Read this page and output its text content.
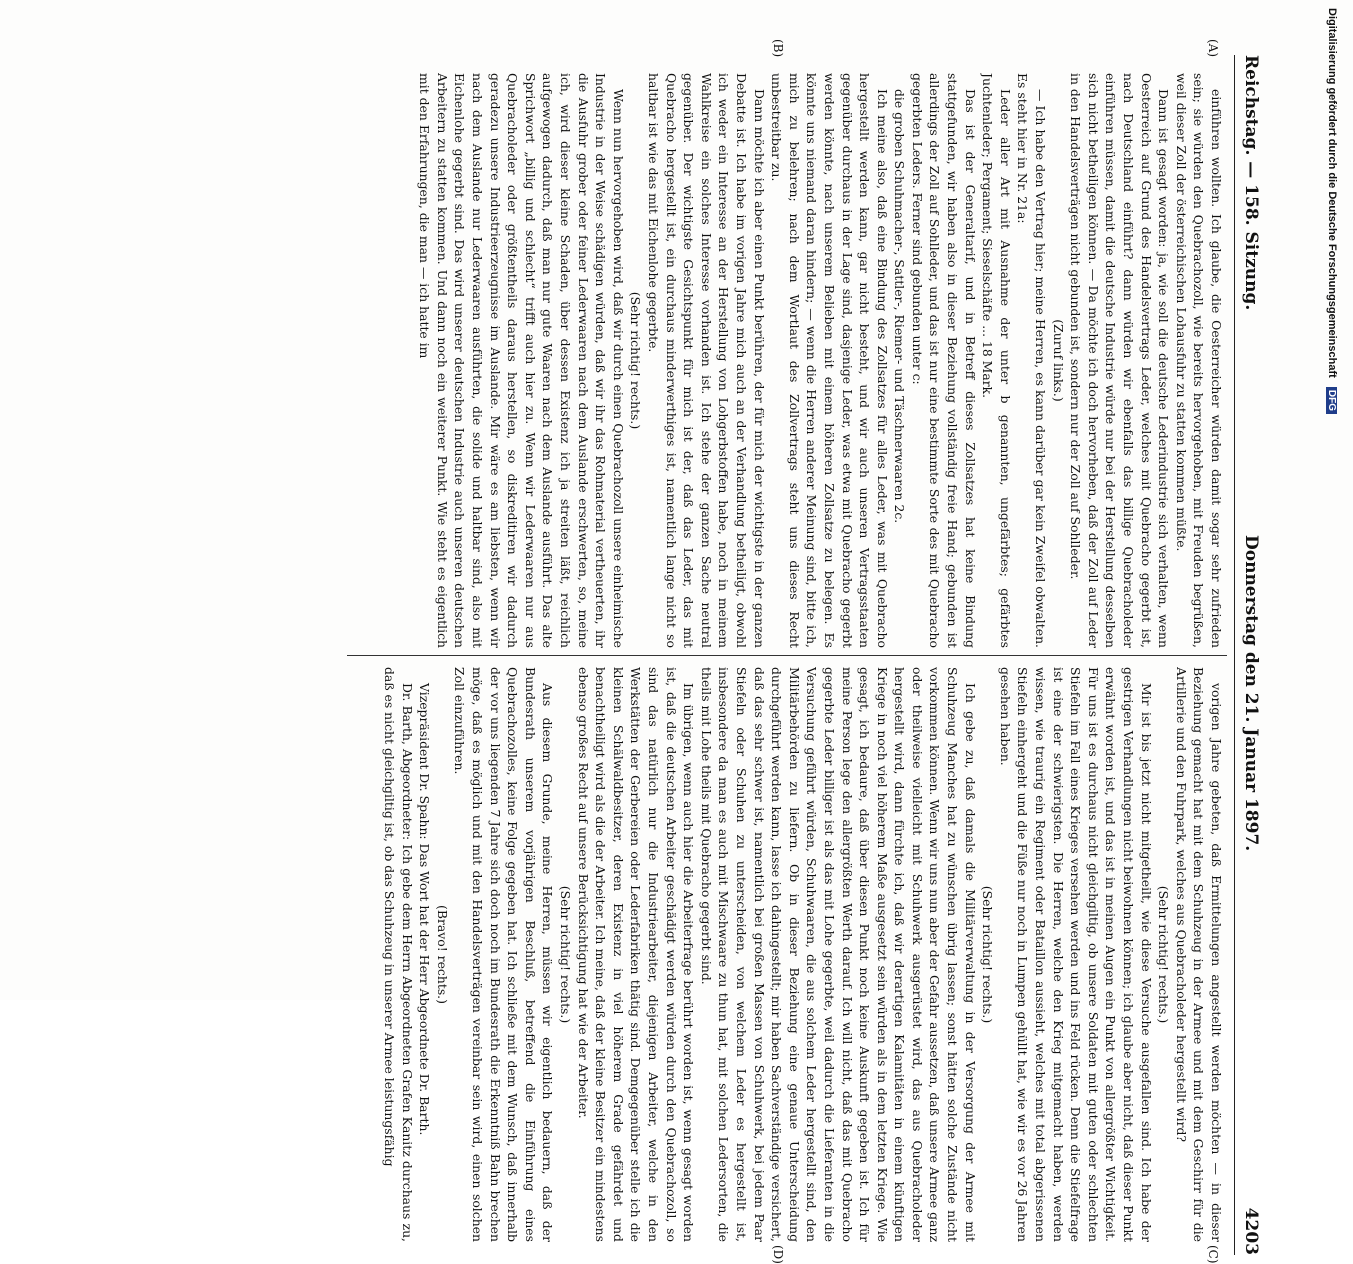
Reichstag. — 158. Sitzung.
Donnerstag den 21. Januar 1897.
4203
(A)
(B)
(C)
(D)

einführen wollten. Ich glaube, die Oesterreicher würden damit sogar sehr zufrieden sein; sie würden den Quebrachozoll, wie bereits hervorgehoben, mit Freuden begrüßen, weil dieser Zoll der österreichischen Lohausfuhr zu statten kommen müßte.

Dann ist gesagt worden: ja, wie soll die deutsche Lederindustrie sich verhalten, wenn Oesterreich auf Grund des Handelsvertrags Leder, welches mit Quebracho gegerbt ist, nach Deutschland einführt? dann würden wir ebenfalls das billige Quebracholeder einführen müssen, damit die deutsche Industrie würde nur bei der Herstellung desselben sich nicht betheiligen können. — Da möchte ich doch hervorheben, daß der Zoll auf Leder in den Handelsverträgen nicht gebunden ist, sondern nur der Zoll auf Sohlleder.

(Zuruf links.)

— Ich habe den Vertrag hier; meine Herren, es kann darüber gar kein Zweifel obwalten. Es steht hier in Nr. 21a:

Leder aller Art mit Ausnahme der unter b genannten, ungefärbtes; gefärbtes Juchtenleder; Pergament; Sieselschäfte ... 18 Mark.

Das ist der Generaltarif, und in Betreff dieses Zollsatzes hat keine Bindung stattgefunden, wir haben also in dieser Beziehung vollständig freie Hand; gebunden ist allerdings der Zoll auf Sohlleder, und das ist nur eine bestimmte Sorte des mit Quebracho gegerbten Leders. Ferner sind gebunden unter c:

die groben Schuhmacher-, Sattler-, Riemer- und Täschnerwaaren 2c.

Ich meine also, daß eine Bindung des Zollsatzes für alles Leder, was mit Quebracho hergestellt werden kann, gar nicht besteht, und wir auch unseren Vertragsstaaten gegenüber durchaus in der Lage sind, dasjenige Leder, was etwa mit Quebracho gegerbt werden könnte, nach unserem Belieben mit einem höheren Zollsatze zu belegen. Es könnte uns niemand daran hindern; — wenn die Herren anderer Meinung sind, bitte ich, mich zu belehren; nach dem Wortlaut des Zollvertrags steht uns dieses Recht unbestreitbar zu.

Dann möchte ich aber einen Punkt berühren, der für mich der wichtigste in der ganzen Debatte ist. Ich habe im vorigen Jahre mich auch an der Verhandlung betheiligt, obwohl ich weder ein Interesse an der Herstellung von Lohgerbstoffen habe, noch in meinem Wahlkreise ein solches Interesse vorhanden ist. Ich stehe der ganzen Sache neutral gegenüber. Der wichtigste Gesichtspunkt für mich ist der, daß das Leder, das mit Quebracho hergestellt ist, ein durchaus minderwerthiges ist, namentlich lange nicht so haltbar ist wie das mit Eichenlohe gegerbte.

(Sehr richtig! rechts.)

Wenn nun hervorgehoben wird, daß wir durch einen Quebrachozoll unsere einheimische Industrie in der Weise schädigen würden, daß wir ihr das Rohmaterial vertheuerten, ihr die Ausfuhr grober oder feiner Lederwaaren nach dem Auslande erschwerten, so, meine ich, wird dieser kleine Schaden, über dessen Existenz ich ja streiten läßt, reichlich aufgewogen dadurch, daß man nur gute Waaren nach dem Auslande ausführt. Das alte Sprichwort „billig und schlecht“ trifft auch hier zu. Wenn wir Lederwaaren nur aus Quebracholeder oder größtentheils daraus herstellen, so diskreditiren wir dadurch geradezu unsere Industrieerzeugnisse im Auslande. Mir wäre es am liebsten, wenn wir nach dem Auslande nur Lederwaaren ausführten, die solide und haltbar sind, also mit Eichenlohe gegerbt sind. Das wird unserer deutschen Industrie auch unseren deutschen Arbeitern zu statten kommen. Und dann noch ein weiterer Punkt. Wie steht es eigentlich mit den Erfahrungen, die man — ich hatte im

vorigen Jahre gebeten, daß Ermittelungen angestellt werden möchten — in dieser Beziehung gemacht hat mit dem Schuhzeug in der Armee und mit dem Geschirr für die Artillerie und den Fuhrpark, welches aus Quebracholeder hergestellt wird?

(Sehr richtig! rechts.)

Mir ist bis jetzt nicht mitgetheilt, wie diese Versuche ausgefallen sind. Ich habe der gestrigen Verhandlungen nicht beiwohnen können; ich glaube aber nicht, daß dieser Punkt erwähnt worden ist, und das ist in meinen Augen ein Punkt von allergrößter Wichtigkeit. Für uns ist es durchaus nicht gleichgiltig, ob unsere Soldaten mit guten oder schlechten Stiefeln im Fall eines Krieges versehen werden und ins Feld rücken. Denn die Stiefelfrage ist eine der schwierigsten. Die Herren, welche den Krieg mitgemacht haben, werden wissen, wie traurig ein Regiment oder Bataillon aussieht, welches mit total abgerissenen Stiefeln einhergeht und die Füße nur noch in Lumpen gehüllt hat, wie wir es vor 26 Jahren gesehen haben.

(Sehr richtig! rechts.)

Ich gebe zu, daß damals die Militärverwaltung in der Versorgung der Armee mit Schuhzeug Manches hat zu wünschen übrig lassen; sonst hätten solche Zustände nicht vorkommen können. Wenn wir uns nun aber der Gefahr aussetzen, daß unsere Armee ganz oder theilweise vielleicht mit Schuhwerk ausgerüstet wird, das aus Quebracholeder hergestellt wird, dann fürchte ich, daß wir derartigen Kalamitäten in einem künftigen Kriege in noch viel höherem Maße ausgesetzt sein würden als in dem letzten Kriege. Wie gesagt, ich bedaure, daß über diesen Punkt noch keine Auskunft gegeben ist. Ich für meine Person lege den allergrößten Werth darauf. Ich will nicht, daß das mit Quebracho gegerbte Leder billiger ist als das mit Lohe gegerbte, weil dadurch die Lieferanten in die Versuchung geführt würden, Schuhwaaren, die aus solchem Leder hergestellt sind, den Militärbehörden zu liefern. Ob in dieser Beziehung eine genaue Unterscheidung durchgeführt werden kann, lasse ich dahingestellt; mir haben Sachverständige versichert, daß das sehr schwer ist, namentlich bei großen Massen von Schuhwerk, bei jedem Paar Stiefeln oder Schuhen zu unterscheiden, von welchem Leder es hergestellt ist, insbesondere da man es auch mit Mischwaare zu thun hat, mit solchen Ledersorten, die theils mit Lohe theils mit Quebracho gegerbt sind.

Im übrigen, wenn auch hier die Arbeiterfrage berührt worden ist, wenn gesagt worden ist, daß die deutschen Arbeiter geschädigt werden würden durch den Quebrachozoll, so sind das natürlich nur die Industriearbeiter, diejenigen Arbeiter, welche in den Werkstätten der Gerbereien oder Lederfabriken thätig sind. Demgegenüber stelle ich die kleinen Schälwaldbesitzer, deren Existenz in viel höherem Grade gefährdet und benachtheiligt wird als die der Arbeiter. Ich meine, daß der kleine Besitzer ein mindestens ebenso großes Recht auf unsere Berücksichtigung hat wie der Arbeiter.

(Sehr richtig! rechts.)

Aus diesem Grunde, meine Herren, müssen wir eigentlich bedauern, daß der Bundesrath unserem vorjährigen Beschluß, betreffend die Einführung eines Quebrachozolles, keine Folge gegeben hat. Ich schließe mit dem Wunsch, daß innerhalb der vor uns liegenden 7 Jahre sich doch noch im Bundesrath die Erkenntniß Bahn brechen möge, daß es möglich und mit den Handelsverträgen vereinbar sein wird, einen solchen Zoll einzuführen.

(Bravo! rechts.)

Vizepräsident Dr. Spahn: Das Wort hat der Herr Abgeordnete Dr. Barth.

Dr. Barth, Abgeordneter: Ich gebe dem Herrn Abgeordneten Grafen Kanitz durchaus zu, daß es nicht gleichgiltig ist, ob das Schuhzeug in unserer Armee leistungsfähig

Digitalisierung gefördert durch die Deutsche Forschungsgemeinschaft DFG
